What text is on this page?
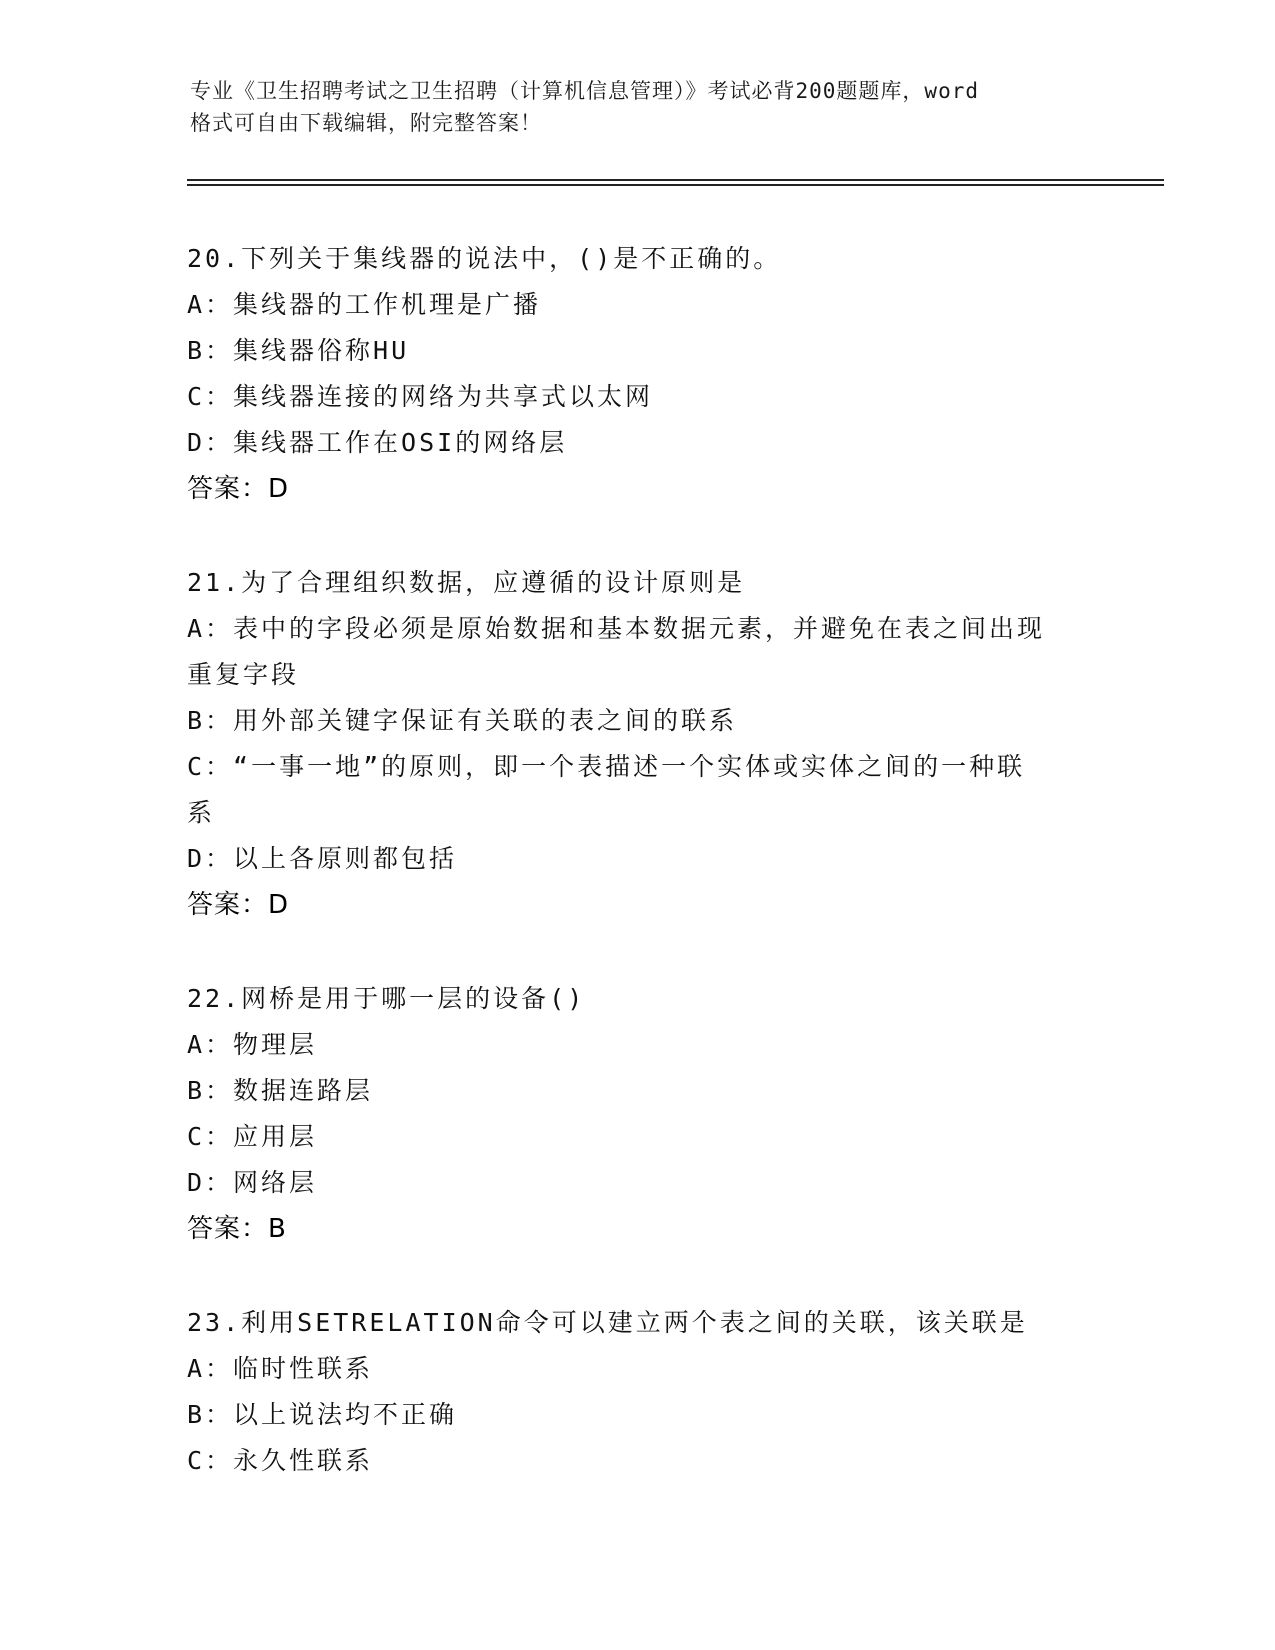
专业《卫生招聘考试之卫生招聘（计算机信息管理）》考试必背200题题库，word
格式可自由下载编辑，附完整答案！
20.下列关于集线器的说法中，()是不正确的。
A：集线器的工作机理是广播
B：集线器俗称HU
C：集线器连接的网络为共享式以太网
D：集线器工作在OSI的网络层
答案：D
21.为了合理组织数据，应遵循的设计原则是
A：表中的字段必须是原始数据和基本数据元素，并避免在表之间出现
重复字段
B：用外部关键字保证有关联的表之间的联系
C：“一事一地”的原则，即一个表描述一个实体或实体之间的一种联
系
D：以上各原则都包括
答案：D
22.网桥是用于哪一层的设备()
A：物理层
B：数据连路层
C：应用层
D：网络层
答案：B
23.利用SETRELATION命令可以建立两个表之间的关联，该关联是
A：临时性联系
B：以上说法均不正确
C：永久性联系
